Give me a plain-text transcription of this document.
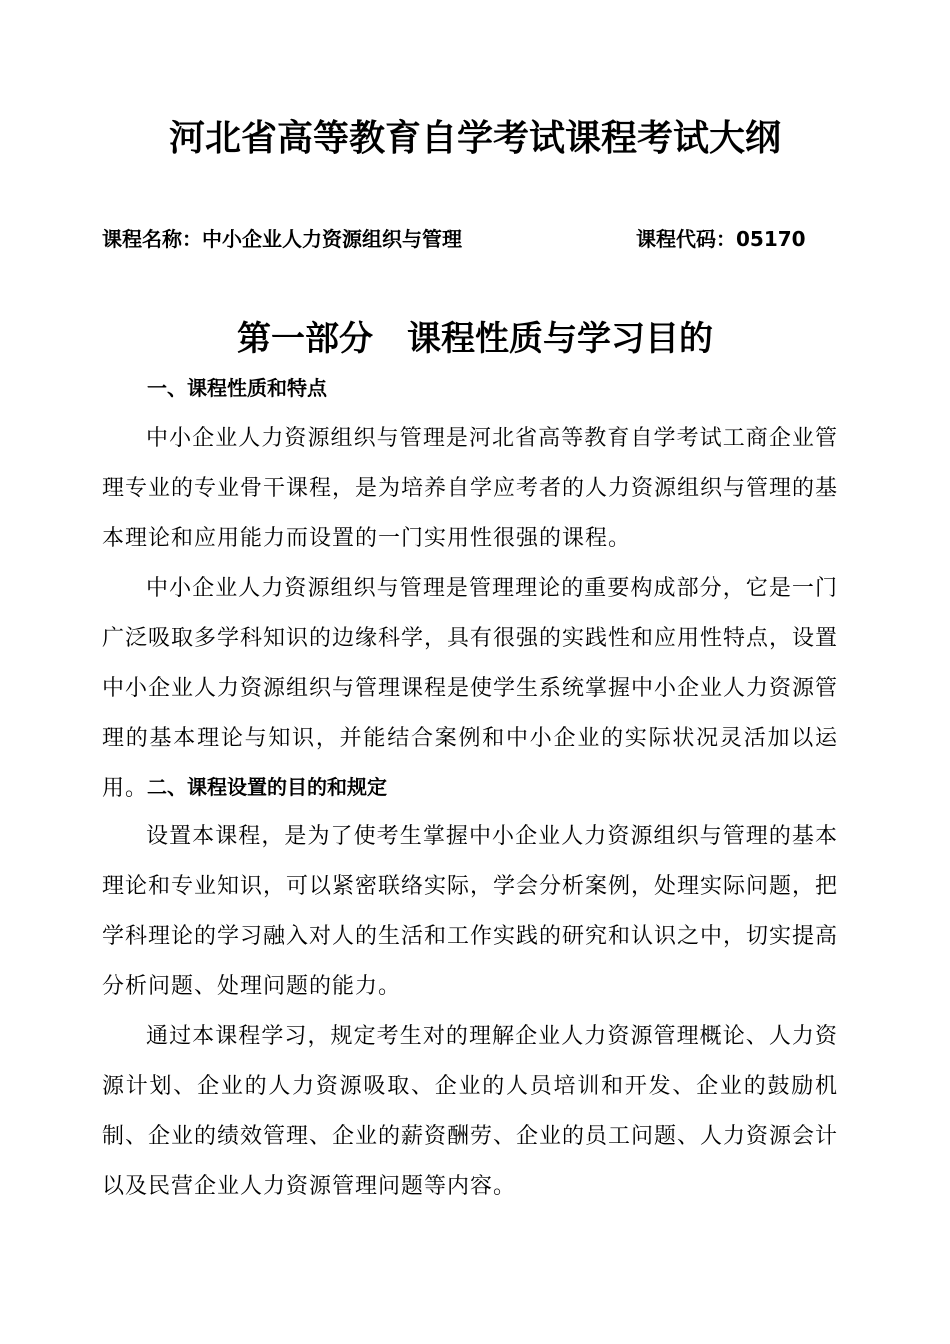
河北省高等教育自学考试课程考试大纲
课程名称：中小企业人力资源组织与管理	课程代码：05170
第一部分　课程性质与学习目的
一、课程性质和特点

中小企业人力资源组织与管理是河北省高等教育自学考试工商企业管理专业的专业骨干课程，是为培养自学应考者的人力资源组织与管理的基本理论和应用能力而设置的一门实用性很强的课程。

中小企业人力资源组织与管理是管理理论的重要构成部分，它是一门广泛吸取多学科知识的边缘科学，具有很强的实践性和应用性特点，设置中小企业人力资源组织与管理课程是使学生系统掌握中小企业人力资源管理的基本理论与知识，并能结合案例和中小企业的实际状况灵活加以运用。

二、课程设置的目的和规定

设置本课程，是为了使考生掌握中小企业人力资源组织与管理的基本理论和专业知识，可以紧密联络实际，学会分析案例，处理实际问题，把学科理论的学习融入对人的生活和工作实践的研究和认识之中，切实提高分析问题、处理问题的能力。

通过本课程学习，规定考生对的理解企业人力资源管理概论、人力资源计划、企业的人力资源吸取、企业的人员培训和开发、企业的鼓励机制、企业的绩效管理、企业的薪资酬劳、企业的员工问题、人力资源会计以及民营企业人力资源管理问题等内容。
